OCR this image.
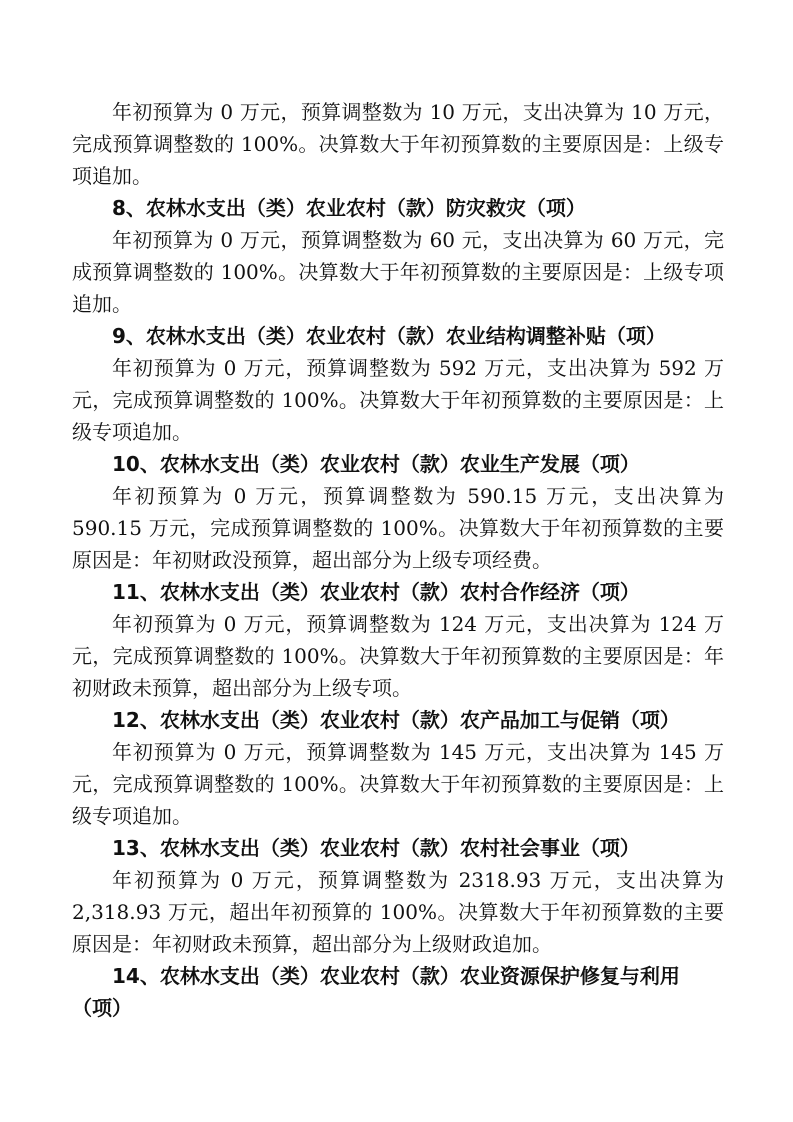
年初预算为 0 万元，预算调整数为 10 万元，支出决算为 10 万元，完成预算调整数的 100%。决算数大于年初预算数的主要原因是：上级专项追加。

8、农林水支出（类）农业农村（款）防灾救灾（项）

年初预算为 0 万元，预算调整数为 60 元，支出决算为 60 万元，完成预算调整数的 100%。决算数大于年初预算数的主要原因是：上级专项追加。

9、农林水支出（类）农业农村（款）农业结构调整补贴（项）

年初预算为 0 万元，预算调整数为 592 万元，支出决算为 592 万元，完成预算调整数的 100%。决算数大于年初预算数的主要原因是：上级专项追加。

10、农林水支出（类）农业农村（款）农业生产发展（项）

年初预算为 0 万元，预算调整数为 590.15 万元，支出决算为 590.15 万元，完成预算调整数的 100%。决算数大于年初预算数的主要原因是：年初财政没预算，超出部分为上级专项经费。

11、农林水支出（类）农业农村（款）农村合作经济（项）

年初预算为 0 万元，预算调整数为 124 万元，支出决算为 124 万元，完成预算调整数的 100%。决算数大于年初预算数的主要原因是：年初财政未预算，超出部分为上级专项。

12、农林水支出（类）农业农村（款）农产品加工与促销（项）

年初预算为 0 万元，预算调整数为 145 万元，支出决算为 145 万元，完成预算调整数的 100%。决算数大于年初预算数的主要原因是：上级专项追加。

13、农林水支出（类）农业农村（款）农村社会事业（项）

年初预算为 0 万元，预算调整数为 2318.93 万元，支出决算为 2,318.93 万元，超出年初预算的 100%。决算数大于年初预算数的主要原因是：年初财政未预算，超出部分为上级财政追加。

14、农林水支出（类）农业农村（款）农业资源保护修复与利用（项）
